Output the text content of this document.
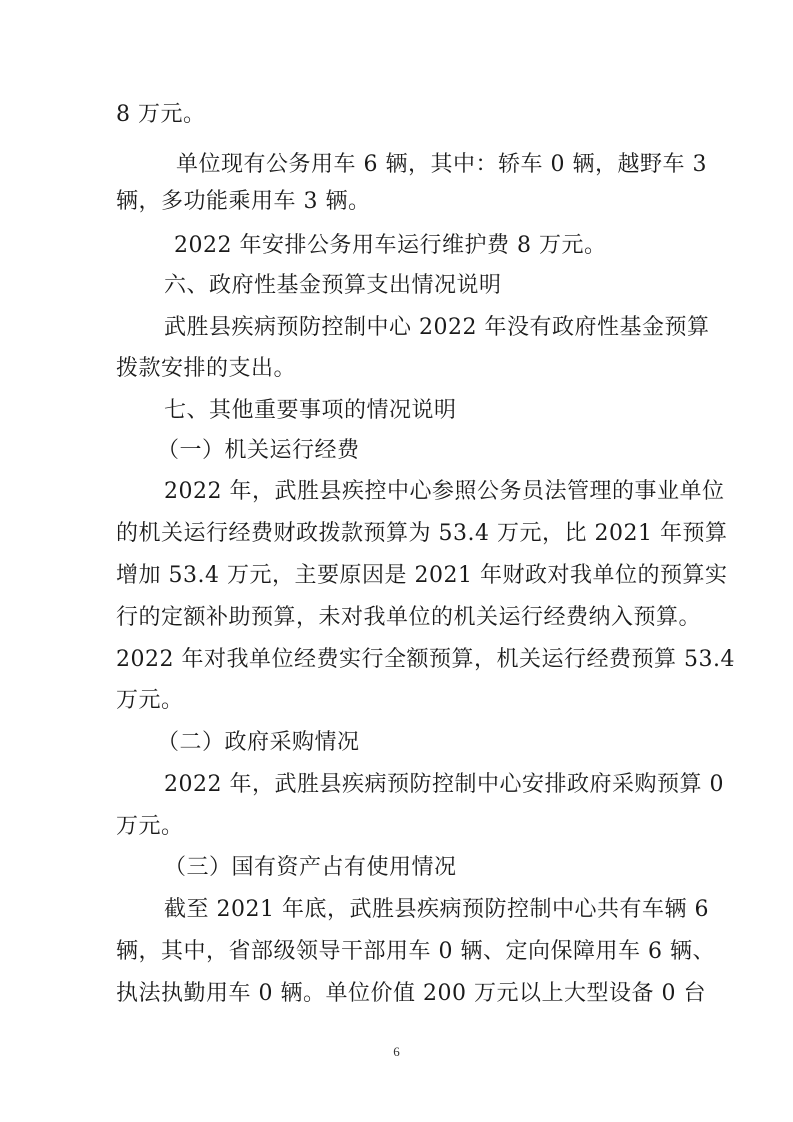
8 万元。
单位现有公务用车 6 辆，其中：轿车 0 辆，越野车 3
辆，多功能乘用车 3 辆。
2022 年安排公务用车运行维护费 8 万元。
六、政府性基金预算支出情况说明
武胜县疾病预防控制中心 2022 年没有政府性基金预算
拨款安排的支出。
七、其他重要事项的情况说明
（一）机关运行经费
2022 年，武胜县疾控中心参照公务员法管理的事业单位
的机关运行经费财政拨款预算为 53.4 万元，比 2021 年预算
增加 53.4 万元，主要原因是 2021 年财政对我单位的预算实
行的定额补助预算，未对我单位的机关运行经费纳入预算。
2022 年对我单位经费实行全额预算，机关运行经费预算 53.4
万元。
（二）政府采购情况
2022 年，武胜县疾病预防控制中心安排政府采购预算 0
万元。
（三）国有资产占有使用情况
截至 2021 年底，武胜县疾病预防控制中心共有车辆 6
辆，其中，省部级领导干部用车 0 辆、定向保障用车 6 辆、
执法执勤用车 0 辆。单位价值 200 万元以上大型设备 0 台
6
